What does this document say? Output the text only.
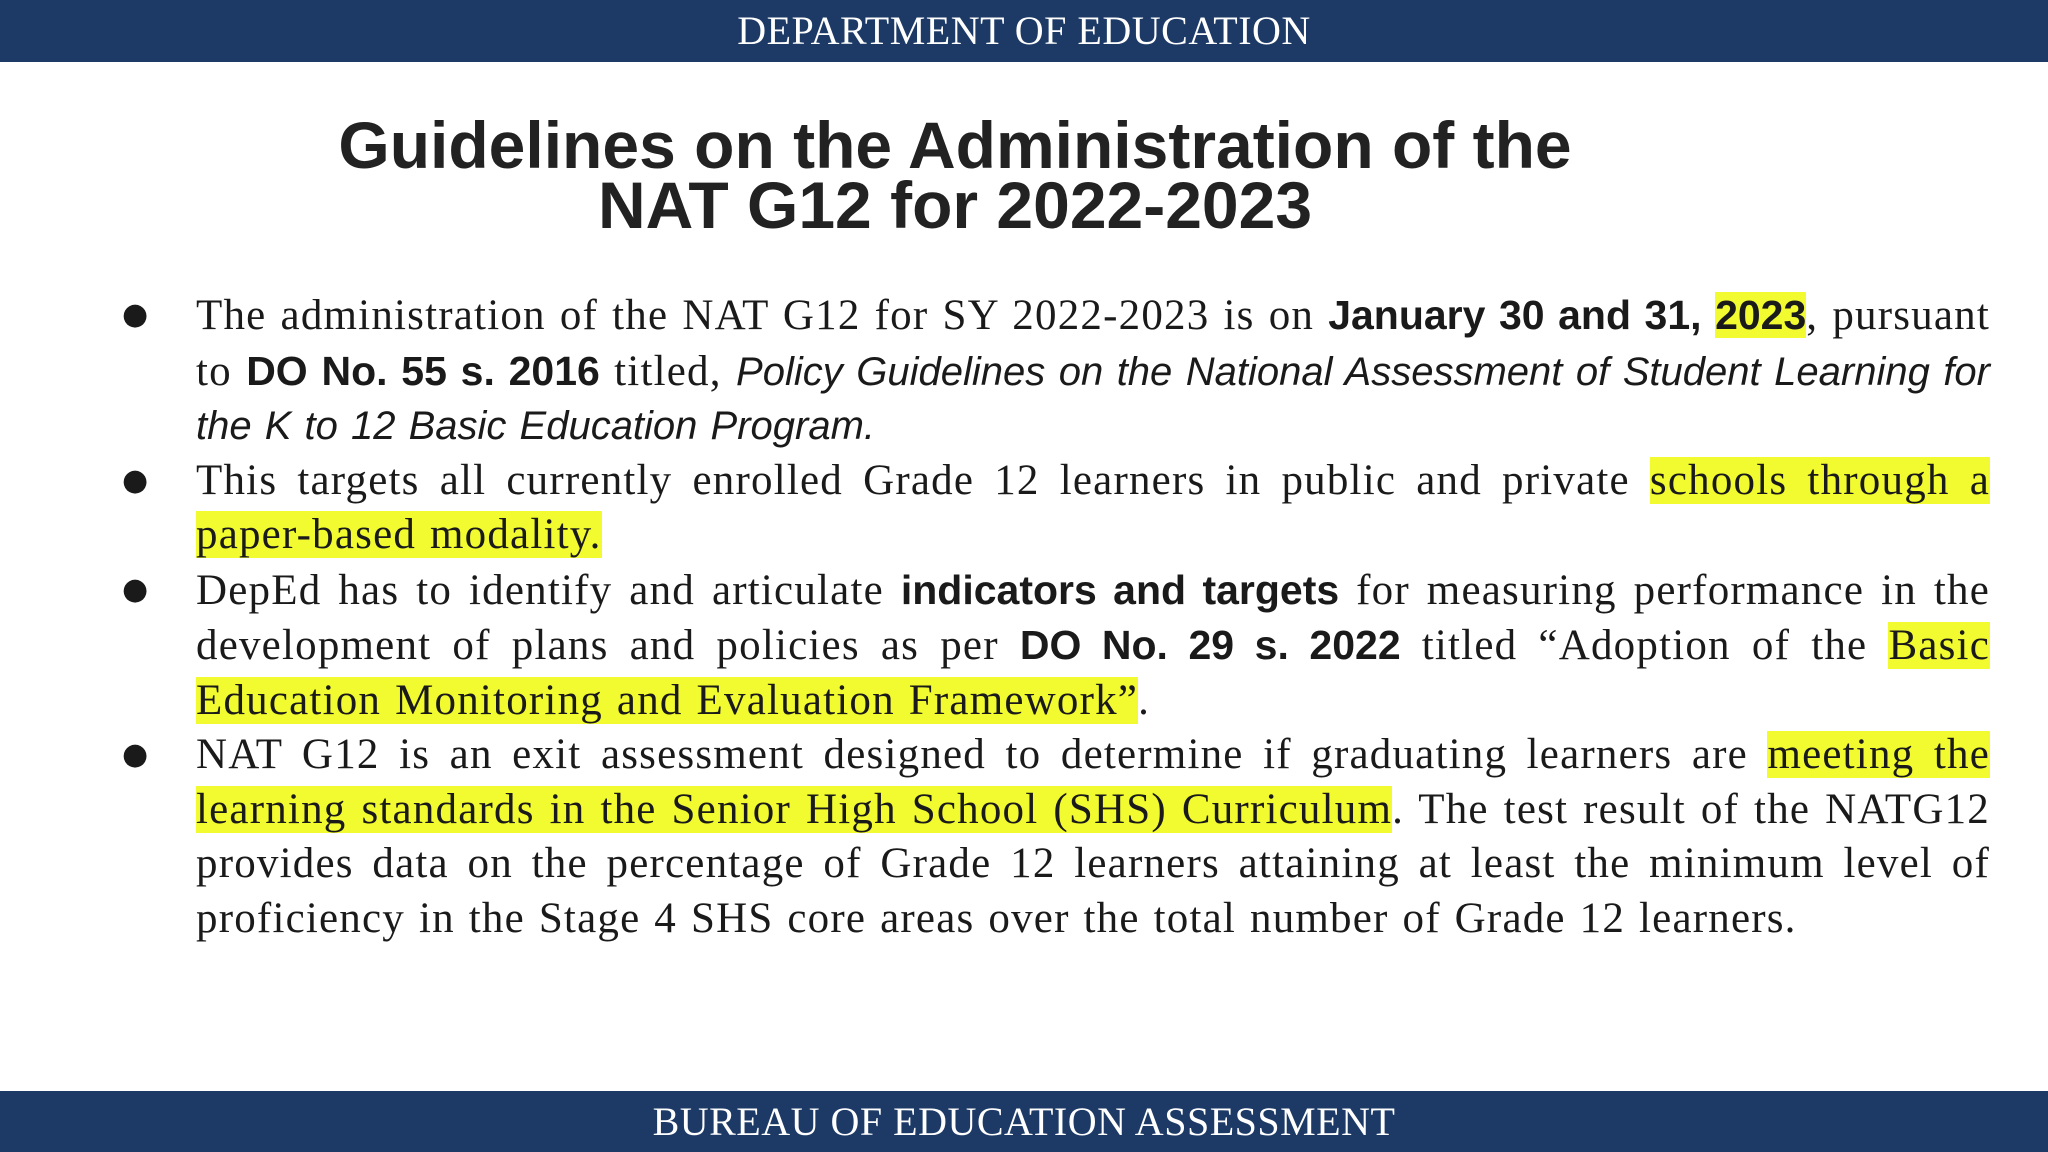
DEPARTMENT OF EDUCATION
Guidelines on the Administration of the
NAT G12 for 2022-2023
● The administration of the NAT G12 for SY 2022-2023 is on January 30 and 31, 2023, pursuant to DO No. 55 s. 2016 titled, Policy Guidelines on the National Assessment of Student Learning for the K to 12 Basic Education Program.
● This targets all currently enrolled Grade 12 learners in public and private schools through a paper-based modality.
● DepEd has to identify and articulate indicators and targets for measuring performance in the development of plans and policies as per DO No. 29 s. 2022 titled “Adoption of the Basic Education Monitoring and Evaluation Framework”.
● NAT G12 is an exit assessment designed to determine if graduating learners are meeting the learning standards in the Senior High School (SHS) Curriculum. The test result of the NATG12 provides data on the percentage of Grade 12 learners attaining at least the minimum level of proficiency in the Stage 4 SHS core areas over the total number of Grade 12 learners.
BUREAU OF EDUCATION ASSESSMENT
